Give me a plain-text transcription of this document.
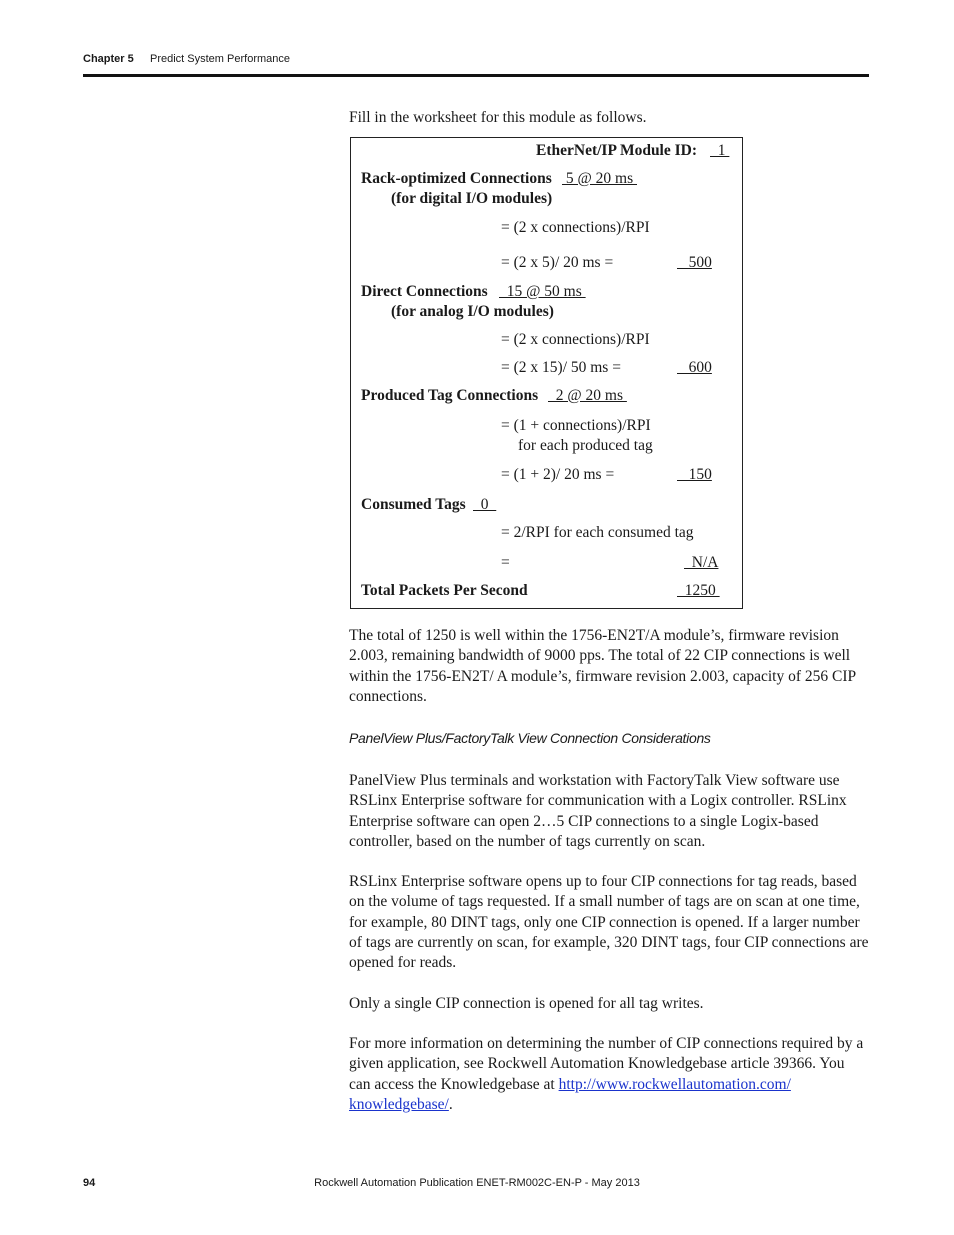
Chapter 5 Predict System Performance
Fill in the worksheet for this module as follows.
EtherNet/IP Module ID: 1
Rack-optimized Connections 5 @ 20 ms
(for digital I/O modules)
= (2 x connections)/RPI
= (2 x 5)/ 20 ms =	500
Direct Connections 15 @ 50 ms
(for analog I/O modules)
= (2 x connections)/RPI
= (2 x 15)/ 50 ms =	600
Produced Tag Connections 2 @ 20 ms
= (1 + connections)/RPI
for each produced tag
= (1 + 2)/ 20 ms =	150
Consumed Tags 0
= 2/RPI for each consumed tag
=	N/A
Total Packets Per Second	1250
The total of 1250 is well within the 1756-EN2T/A module’s, firmware revision 2.003, remaining bandwidth of 9000 pps. The total of 22 CIP connections is well within the 1756-EN2T/ A module’s, firmware revision 2.003, capacity of 256 CIP connections.
PanelView Plus/FactoryTalk View Connection Considerations
PanelView Plus terminals and workstation with FactoryTalk View software use RSLinx Enterprise software for communication with a Logix controller. RSLinx Enterprise software can open 2…5 CIP connections to a single Logix-based controller, based on the number of tags currently on scan.
RSLinx Enterprise software opens up to four CIP connections for tag reads, based on the volume of tags requested. If a small number of tags are on scan at one time, for example, 80 DINT tags, only one CIP connection is opened. If a larger number of tags are currently on scan, for example, 320 DINT tags, four CIP connections are opened for reads.
Only a single CIP connection is opened for all tag writes.
For more information on determining the number of CIP connections required by a given application, see Rockwell Automation Knowledgebase article 39366. You can access the Knowledgebase at http://www.rockwellautomation.com/
knowledgebase/.
94	Rockwell Automation Publication ENET-RM002C-EN-P - May 2013
